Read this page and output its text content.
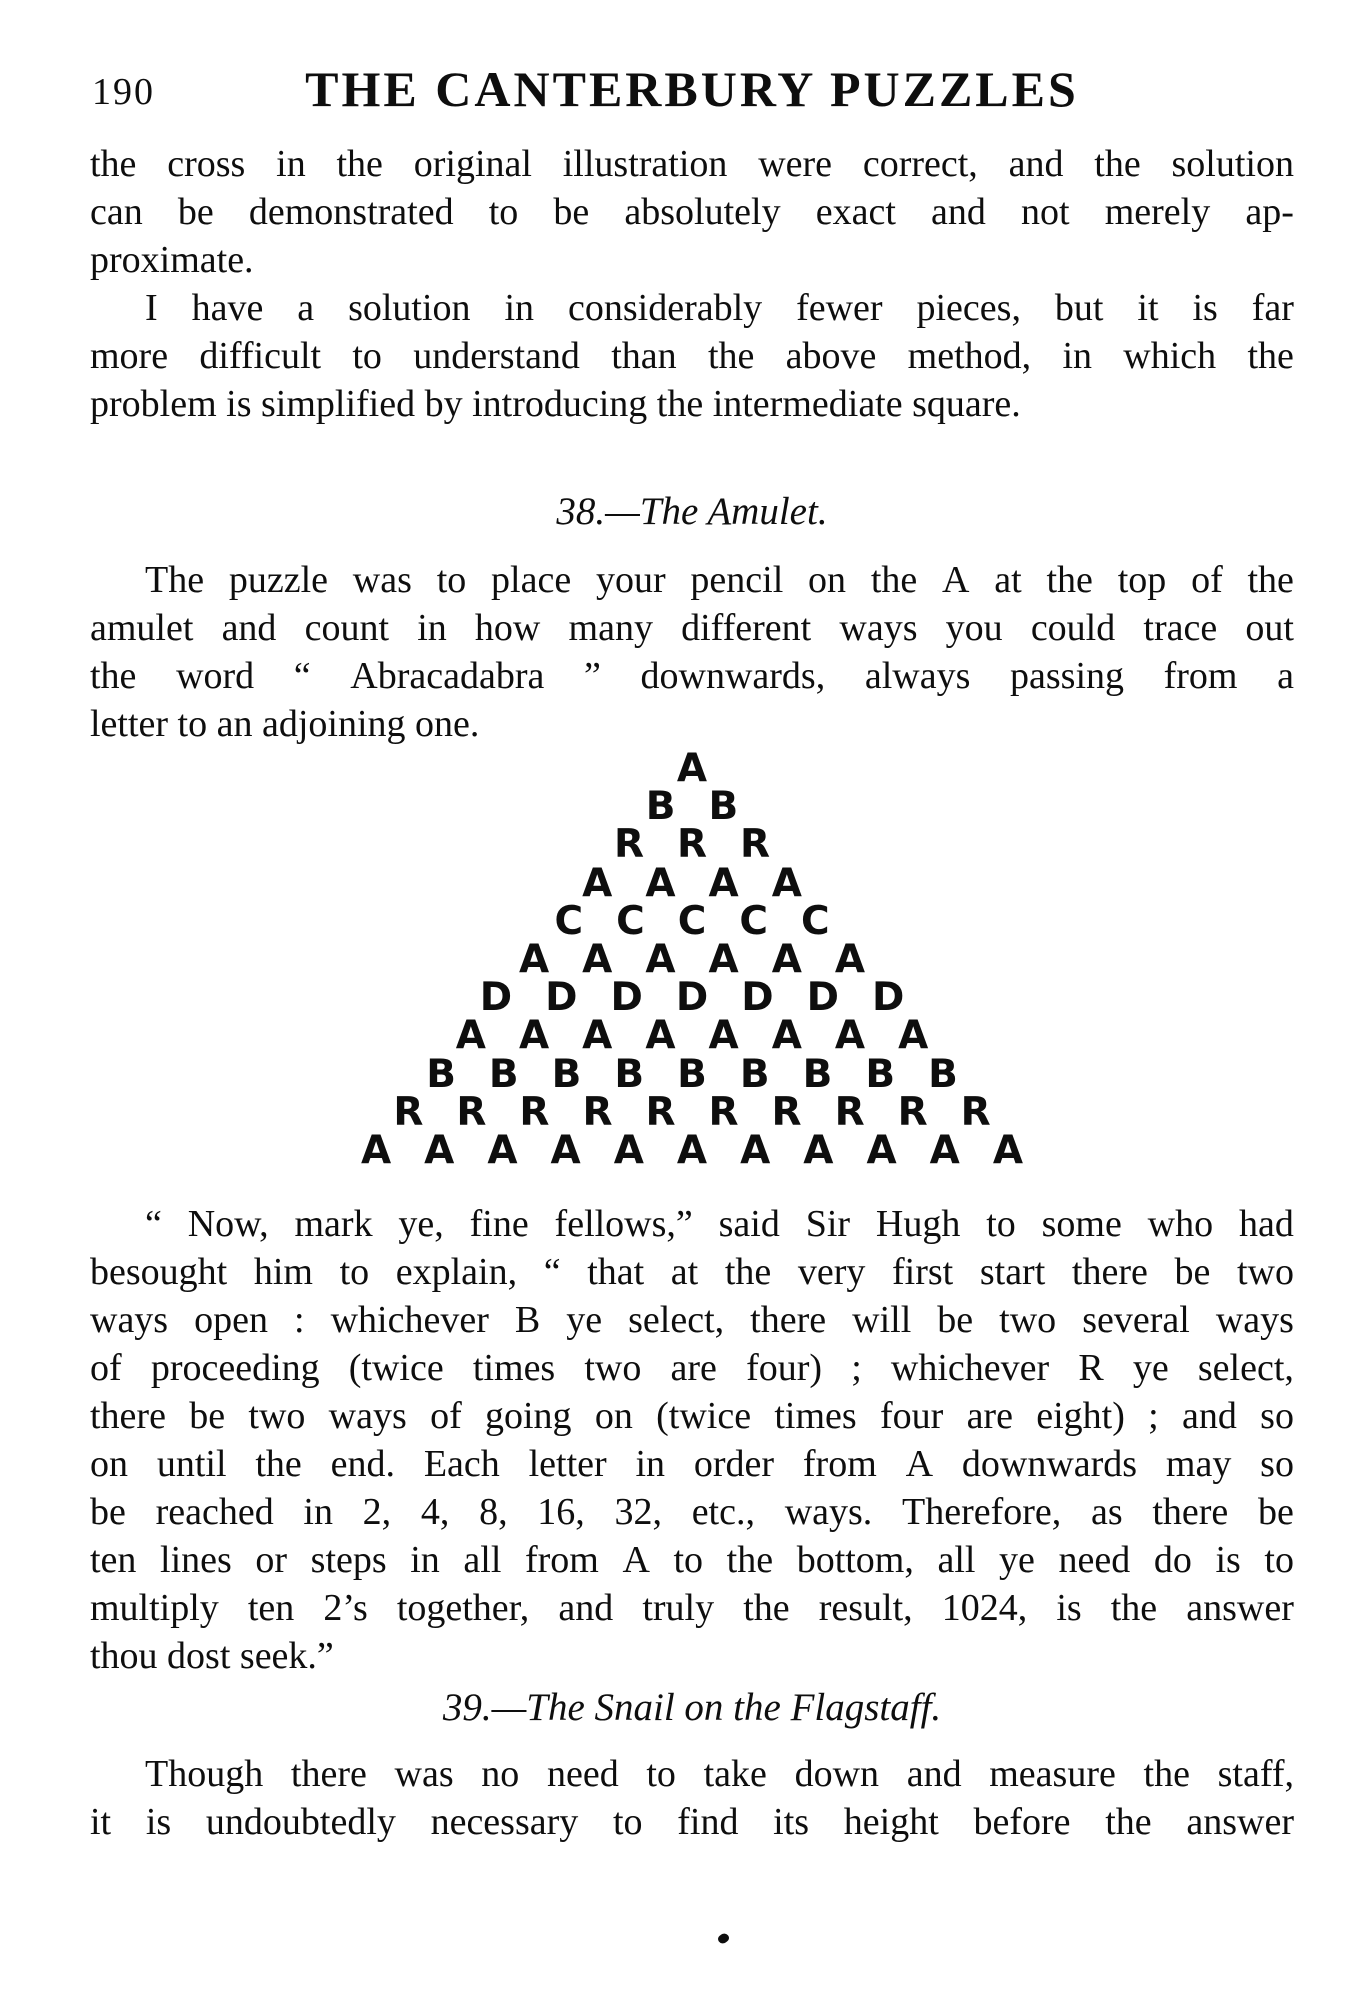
190	THE CANTERBURY PUZZLES
the cross in the original illustration were correct, and the solution
can be demonstrated to be absolutely exact and not merely ap-
proximate.
I have a solution in considerably fewer pieces, but it is far
more difficult to understand than the above method, in which the
problem is simplified by introducing the intermediate square.
38.—The Amulet.
The puzzle was to place your pencil on the A at the top of the
amulet and count in how many different ways you could trace out
the word “ Abracadabra ” downwards, always passing from a
letter to an adjoining one.
A
B B
R R R
A A A A
C C C C C
A A A A A A
D D D D D D D
A A A A A A A A
B B B B B B B B B
R R R R R R R R R R
A A A A A A A A A A A
“ Now, mark ye, fine fellows,” said Sir Hugh to some who had
besought him to explain, “ that at the very first start there be two
ways open : whichever B ye select, there will be two several ways
of proceeding (twice times two are four) ; whichever R ye select,
there be two ways of going on (twice times four are eight) ; and so
on until the end. Each letter in order from A downwards may so
be reached in 2, 4, 8, 16, 32, etc., ways. Therefore, as there be
ten lines or steps in all from A to the bottom, all ye need do is to
multiply ten 2’s together, and truly the result, 1024, is the answer
thou dost seek.”
39.—The Snail on the Flagstaff.
Though there was no need to take down and measure the staff,
it is undoubtedly necessary to find its height before the answer
